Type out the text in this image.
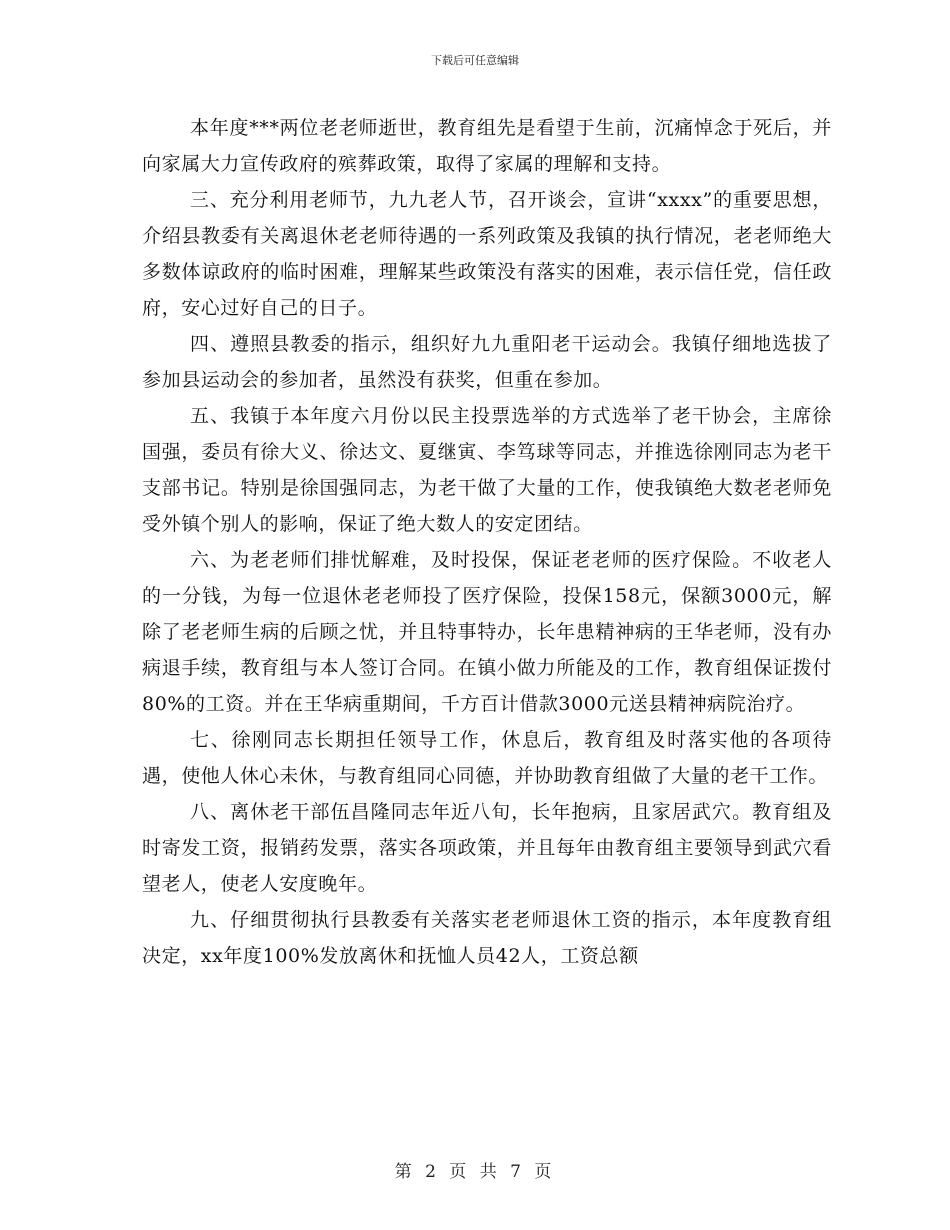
下载后可任意编辑

本年度***两位老老师逝世，教育组先是看望于生前，沉痛悼念于死后，并向家属大力宣传政府的殡葬政策，取得了家属的理解和支持。

三、充分利用老师节，九九老人节，召开谈会，宣讲“xxxx”的重要思想，介绍县教委有关离退休老老师待遇的一系列政策及我镇的执行情况，老老师绝大多数体谅政府的临时困难，理解某些政策没有落实的困难，表示信任党，信任政府，安心过好自己的日子。

四、遵照县教委的指示，组织好九九重阳老干运动会。我镇仔细地选拔了参加县运动会的参加者，虽然没有获奖，但重在参加。

五、我镇于本年度六月份以民主投票选举的方式选举了老干协会，主席徐国强，委员有徐大义、徐达文、夏继寅、李笃球等同志，并推选徐刚同志为老干支部书记。特别是徐国强同志，为老干做了大量的工作，使我镇绝大数老老师免受外镇个别人的影响，保证了绝大数人的安定团结。

六、为老老师们排忧解难，及时投保，保证老老师的医疗保险。不收老人的一分钱，为每一位退休老老师投了医疗保险，投保158元，保额3000元，解除了老老师生病的后顾之忧，并且特事特办，长年患精神病的王华老师，没有办病退手续，教育组与本人签订合同。在镇小做力所能及的工作，教育组保证拨付80%的工资。并在王华病重期间，千方百计借款3000元送县精神病院治疗。

七、徐刚同志长期担任领导工作，休息后，教育组及时落实他的各项待遇，使他人休心未休，与教育组同心同德，并协助教育组做了大量的老干工作。

八、离休老干部伍昌隆同志年近八旬，长年抱病，且家居武穴。教育组及时寄发工资，报销药发票，落实各项政策，并且每年由教育组主要领导到武穴看望老人，使老人安度晚年。

九、仔细贯彻执行县教委有关落实老老师退休工资的指示，本年度教育组决定，xx年度100%发放离休和抚恤人员42人，工资总额

第 2 页 共 7 页
